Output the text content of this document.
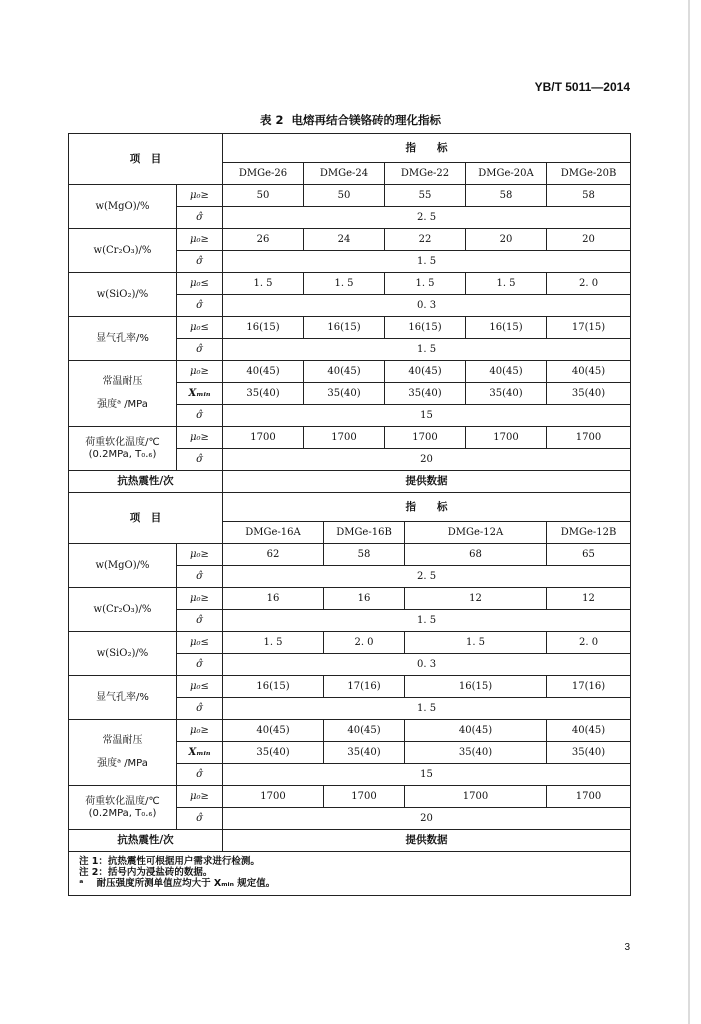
YB/T 5011—2014
表 2 电熔再结合镁铬砖的理化指标
项　目		指　　标						
		DMGe-26	DMGe-24		DMGe-22		DMGe-20A	DMGe-20B
w(MgO)/%	μ₀≥	50	50		55		58	58
	σ̂	2. 5						
w(Cr₂O₃)/%	μ₀≥	26	24		22		20	20
	σ̂	1. 5						
w(SiO₂)/%	μ₀≤	1. 5	1. 5		1. 5		1. 5	2. 0
	σ̂	0. 3						
显气孔率/%	μ₀≤	16(15)	16(15)		16(15)		16(15)	17(15)
	σ̂	1. 5						
常温耐压

强度ᵃ /MPa	μ₀≥	40(45)	40(45)		40(45)		40(45)	40(45)
	Xₘᵢₙ	35(40)	35(40)		35(40)		35(40)	35(40)
	σ̂	15						
荷重软化温度/℃
(0.2MPa, T₀.₆)	μ₀≥	1700	1700		1700		1700	1700
	σ̂	20						
抗热震性/次		提供数据						
项　目		指　　标						
		DMGe-16A		DMGe-16B		DMGe-12A		DMGe-12B
w(MgO)/%	μ₀≥	62		58		68		65
	σ̂	2. 5						
w(Cr₂O₃)/%	μ₀≥	16		16		12		12
	σ̂	1. 5						
w(SiO₂)/%	μ₀≤	1. 5		2. 0		1. 5		2. 0
	σ̂	0. 3						
显气孔率/%	μ₀≤	16(15)		17(16)		16(15)		17(16)
	σ̂	1. 5						
常温耐压

强度ᵃ /MPa	μ₀≥	40(45)		40(45)		40(45)		40(45)
	Xₘᵢₙ	35(40)		35(40)		35(40)		35(40)
	σ̂	15						
荷重软化温度/℃
(0.2MPa, T₀.₆)	μ₀≥	1700		1700		1700		1700
	σ̂	20						
抗热震性/次		提供数据						

注 1：抗热震性可根据用户需求进行检测。
注 2：括号内为浸盐砖的数据。
ᵃ 耐压强度所测单值应均大于 Xₘᵢₙ 规定值。								
3
